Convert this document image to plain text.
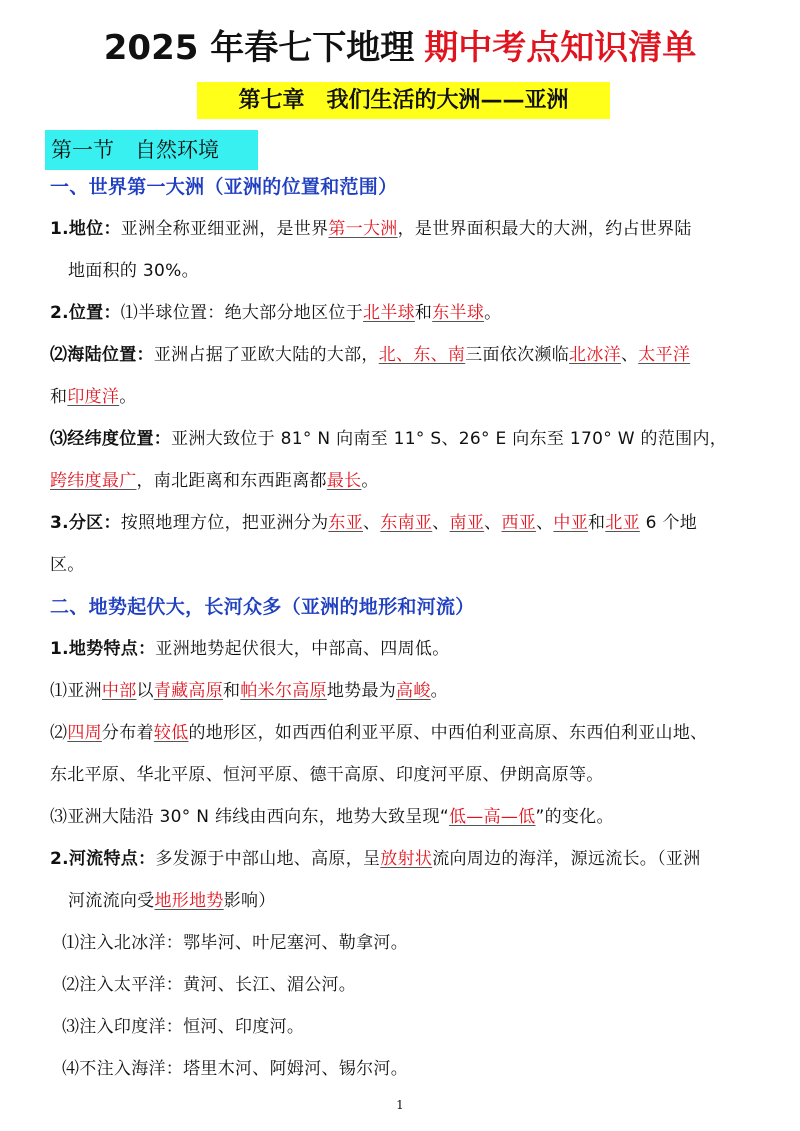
2025 年春七下地理 期中考点知识清单
第七章　我们生活的大洲——亚洲
第一节　自然环境
一、世界第一大洲（亚洲的位置和范围）
1.地位：亚洲全称亚细亚洲，是世界第一大洲，是世界面积最大的大洲，约占世界陆
地面积的 30%。
2.位置：⑴半球位置：绝大部分地区位于北半球和东半球。
⑵海陆位置：亚洲占据了亚欧大陆的大部，北、东、南三面依次濒临北冰洋、太平洋
和印度洋。
⑶经纬度位置：亚洲大致位于 81° N 向南至 11° S、26° E 向东至 170° W 的范围内，
跨纬度最广，南北距离和东西距离都最长。
3.分区：按照地理方位，把亚洲分为东亚、东南亚、南亚、西亚、中亚和北亚 6 个地
区。
二、地势起伏大，长河众多（亚洲的地形和河流）
1.地势特点：亚洲地势起伏很大，中部高、四周低。
⑴亚洲中部以青藏高原和帕米尔高原地势最为高峻。
⑵四周分布着较低的地形区，如西西伯利亚平原、中西伯利亚高原、东西伯利亚山地、
东北平原、华北平原、恒河平原、德干高原、印度河平原、伊朗高原等。
⑶亚洲大陆沿 30° N 纬线由西向东，地势大致呈现“低—高—低”的变化。
2.河流特点：多发源于中部山地、高原，呈放射状流向周边的海洋，源远流长。（亚洲
河流流向受地形地势影响）
⑴注入北冰洋：鄂毕河、叶尼塞河、勒拿河。
⑵注入太平洋：黄河、长江、湄公河。
⑶注入印度洋：恒河、印度河。
⑷不注入海洋：塔里木河、阿姆河、锡尔河。
1
